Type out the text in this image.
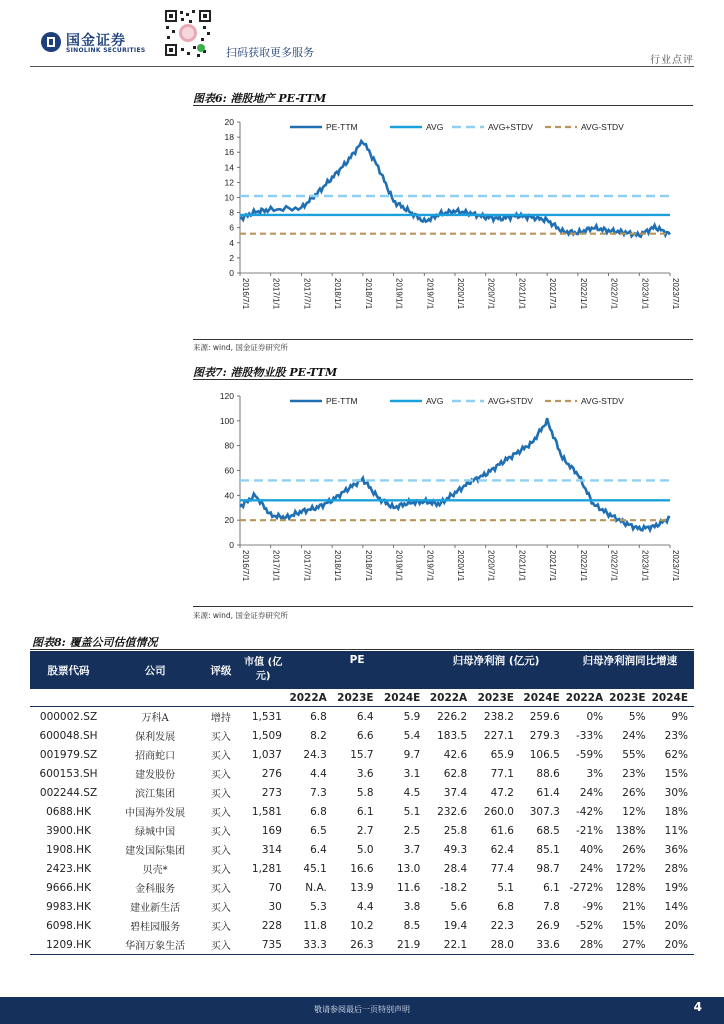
国金证券
SINOLINK SECURITIES	扫码获取更多服务
行业点评
图表6: 港股地产 PE-TTM
0
2
4
6
8
10
12
14
16
18
20
2016/7/1	2017/1/1	2017/7/1	2018/1/1	2018/7/1	2019/1/1	2019/7/1	2020/1/1	2020/7/1	2021/1/1	2021/7/1	2022/1/1	2022/7/1	2023/1/1	2023/7/1
PE-TTM	AVG	AVG+STDV	AVG-STDV
来源: wind, 国金证券研究所
图表7: 港股物业股 PE-TTM
0
20
40
60
80
100
120
2016/7/1	2017/1/1	2017/7/1	2018/1/1	2018/7/1	2019/1/1	2019/7/1	2020/1/1	2020/7/1	2021/1/1	2021/7/1	2022/1/1	2022/7/1	2023/1/1	2023/7/1
PE-TTM	AVG	AVG+STDV	AVG-STDV
来源: wind, 国金证券研究所
图表8: 覆盖公司估值情况
股票代码	公司	评级	市值 (亿元)	PE			归母净利润 (亿元)			归母净利润同比增速		

				2022A	2023E	2024E	2022A	2023E	2024E	2022A	2023E	2024E
000002.SZ	万科A	增持	1,531	6.8	6.4	5.9	226.2	238.2	259.6	0%	5%	9%
600048.SH	保利发展	买入	1,509	8.2	6.6	5.4	183.5	227.1	279.3	-33%	24%	23%
001979.SZ	招商蛇口	买入	1,037	24.3	15.7	9.7	42.6	65.9	106.5	-59%	55%	62%
600153.SH	建发股份	买入	276	4.4	3.6	3.1	62.8	77.1	88.6	3%	23%	15%
002244.SZ	滨江集团	买入	273	7.3	5.8	4.5	37.4	47.2	61.4	24%	26%	30%
0688.HK	中国海外发展	买入	1,581	6.8	6.1	5.1	232.6	260.0	307.3	-42%	12%	18%
3900.HK	绿城中国	买入	169	6.5	2.7	2.5	25.8	61.6	68.5	-21%	138%	11%
1908.HK	建发国际集团	买入	314	6.4	5.0	3.7	49.3	62.4	85.1	40%	26%	36%
2423.HK	贝壳*	买入	1,281	45.1	16.6	13.0	28.4	77.4	98.7	24%	172%	28%
9666.HK	金科服务	买入	70	N.A.	13.9	11.6	-18.2	5.1	6.1	-272%	128%	19%
9983.HK	建业新生活	买入	30	5.3	4.4	3.8	5.6	6.8	7.8	-9%	21%	14%
6098.HK	碧桂园服务	买入	228	11.8	10.2	8.5	19.4	22.3	26.9	-52%	15%	20%
1209.HK	华润万象生活	买入	735	33.3	26.3	21.9	22.1	28.0	33.6	28%	27%	20%
敬请参阅最后一页特别声明	4
